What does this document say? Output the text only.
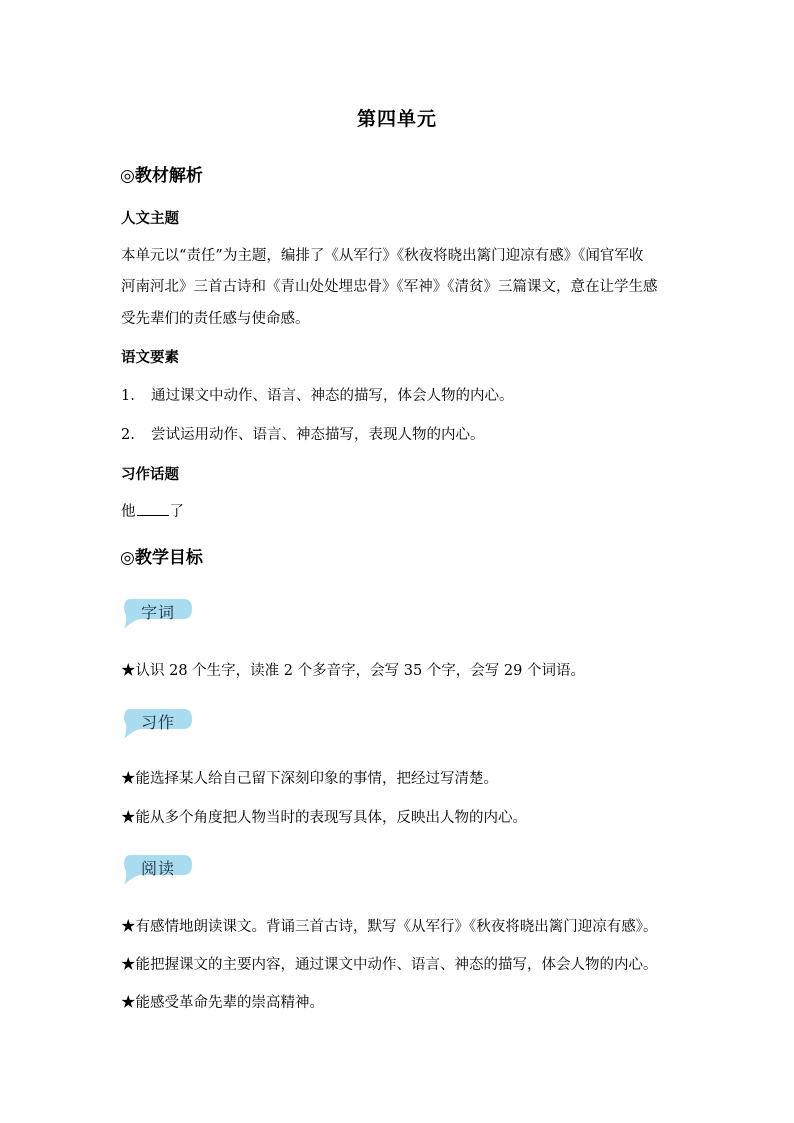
第四单元
◎教材解析
人文主题
本单元以“责任”为主题，编排了《从军行》《秋夜将晓出篱门迎凉有感》《闻官军收
河南河北》三首古诗和《青山处处埋忠骨》《军神》《清贫》三篇课文，意在让学生感
受先辈们的责任感与使命感。
语文要素
1. 通过课文中动作、语言、神态的描写，体会人物的内心。
2. 尝试运用动作、语言、神态描写，表现人物的内心。
习作话题
他 了
◎教学目标
字词
★认识 28 个生字，读准 2 个多音字，会写 35 个字，会写 29 个词语。
习作
★能选择某人给自己留下深刻印象的事情，把经过写清楚。
★能从多个角度把人物当时的表现写具体，反映出人物的内心。
阅读
★有感情地朗读课文。背诵三首古诗，默写《从军行》《秋夜将晓出篱门迎凉有感》。
★能把握课文的主要内容，通过课文中动作、语言、神态的描写，体会人物的内心。
★能感受革命先辈的崇高精神。
